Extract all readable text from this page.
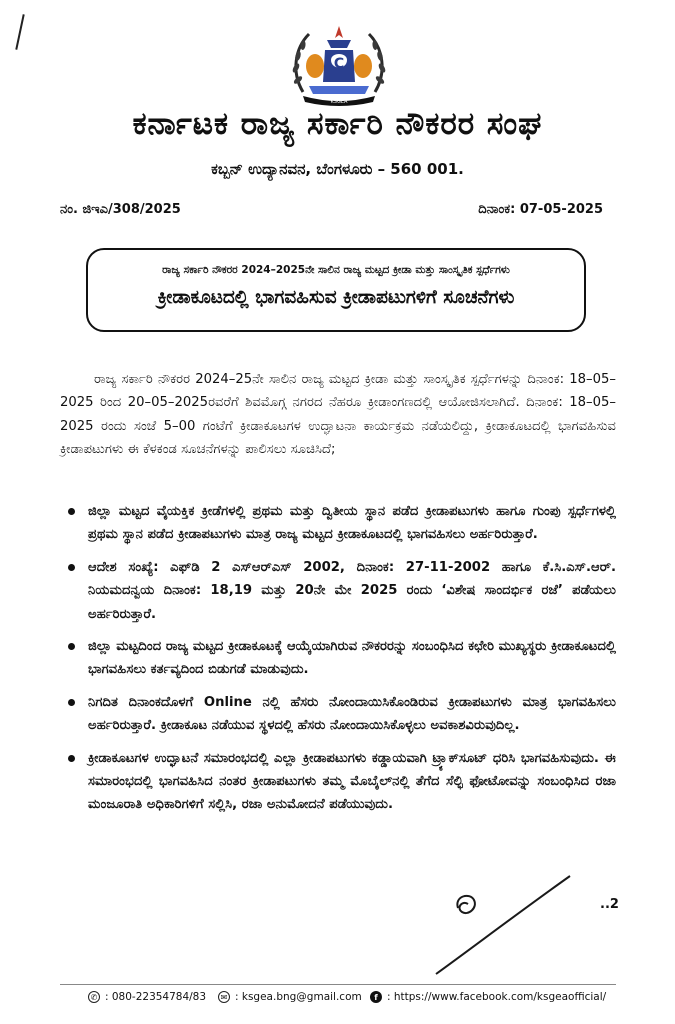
C
KSGEA
ಕರ್ನಾಟಕ ರಾಜ್ಯ ಸರ್ಕಾರಿ ನೌಕರರ ಸಂಘ
ಕಬ್ಬನ್ ಉದ್ಯಾನವನ, ಬೆಂಗಳೂರು – 560 001.
ನಂ. ಜಿಇಎ/308/2025	ದಿನಾಂಕ: 07-05-2025
ರಾಜ್ಯ ಸರ್ಕಾರಿ ನೌಕರರ 2024–2025ನೇ ಸಾಲಿನ ರಾಜ್ಯ ಮಟ್ಟದ ಕ್ರೀಡಾ ಮತ್ತು ಸಾಂಸ್ಕೃತಿಕ ಸ್ಪರ್ಧೆಗಳು
ಕ್ರೀಡಾಕೂಟದಲ್ಲಿ ಭಾಗವಹಿಸುವ ಕ್ರೀಡಾಪಟುಗಳಿಗೆ ಸೂಚನೆಗಳು
ರಾಜ್ಯ ಸರ್ಕಾರಿ ನೌಕರರ 2024–25ನೇ ಸಾಲಿನ ರಾಜ್ಯ ಮಟ್ಟದ ಕ್ರೀಡಾ ಮತ್ತು ಸಾಂಸ್ಕೃತಿಕ ಸ್ಪರ್ಧೆಗಳನ್ನು ದಿನಾಂಕ: 18–05–2025 ರಿಂದ 20–05–2025ರವರೆಗೆ ಶಿವಮೊಗ್ಗ ನಗರದ ನೆಹರೂ ಕ್ರೀಡಾಂಗಣದಲ್ಲಿ ಆಯೋಜಿಸಲಾಗಿದೆ. ದಿನಾಂಕ: 18–05–2025 ರಂದು ಸಂಜೆ 5–00 ಗಂಟೆಗೆ ಕ್ರೀಡಾಕೂಟಗಳ ಉದ್ಘಾಟನಾ ಕಾರ್ಯಕ್ರಮ ನಡೆಯಲಿದ್ದು, ಕ್ರೀಡಾಕೂಟದಲ್ಲಿ ಭಾಗವಹಿಸುವ ಕ್ರೀಡಾಪಟುಗಳು ಈ ಕೆಳಕಂಡ ಸೂಚನೆಗಳನ್ನು ಪಾಲಿಸಲು ಸೂಚಿಸಿದೆ;
ಜಿಲ್ಲಾ ಮಟ್ಟದ ವೈಯಕ್ತಿಕ ಕ್ರೀಡೆಗಳಲ್ಲಿ ಪ್ರಥಮ ಮತ್ತು ದ್ವಿತೀಯ ಸ್ಥಾನ ಪಡೆದ ಕ್ರೀಡಾಪಟುಗಳು ಹಾಗೂ ಗುಂಪು ಸ್ಪರ್ಧೆಗಳಲ್ಲಿ ಪ್ರಥಮ ಸ್ಥಾನ ಪಡೆದ ಕ್ರೀಡಾಪಟುಗಳು ಮಾತ್ರ ರಾಜ್ಯ ಮಟ್ಟದ ಕ್ರೀಡಾಕೂಟದಲ್ಲಿ ಭಾಗವಹಿಸಲು ಅರ್ಹರಿರುತ್ತಾರೆ.
ಆದೇಶ ಸಂಖ್ಯೆ: ಎಫ್‌ಡಿ 2 ಎಸ್‌ಆರ್‌ಎಸ್ 2002, ದಿನಾಂಕ: 27-11-2002 ಹಾಗೂ ಕೆ.ಸಿ.ಎಸ್.ಆರ್. ನಿಯಮದನ್ವಯ ದಿನಾಂಕ: 18,19 ಮತ್ತು 20ನೇ ಮೇ 2025 ರಂದು ‘ವಿಶೇಷ ಸಾಂದರ್ಭಿಕ ರಜೆ’ ಪಡೆಯಲು ಅರ್ಹರಿರುತ್ತಾರೆ.
ಜಿಲ್ಲಾ ಮಟ್ಟದಿಂದ ರಾಜ್ಯ ಮಟ್ಟದ ಕ್ರೀಡಾಕೂಟಕ್ಕೆ ಆಯ್ಕೆಯಾಗಿರುವ ನೌಕರರನ್ನು ಸಂಬಂಧಿಸಿದ ಕಛೇರಿ ಮುಖ್ಯಸ್ಥರು ಕ್ರೀಡಾಕೂಟದಲ್ಲಿ ಭಾಗವಹಿಸಲು ಕರ್ತವ್ಯದಿಂದ ಬಿಡುಗಡೆ ಮಾಡುವುದು.
ನಿಗದಿತ ದಿನಾಂಕದೊಳಗೆ Online ನಲ್ಲಿ ಹೆಸರು ನೋಂದಾಯಿಸಿಕೊಂಡಿರುವ ಕ್ರೀಡಾಪಟುಗಳು ಮಾತ್ರ ಭಾಗವಹಿಸಲು ಅರ್ಹರಿರುತ್ತಾರೆ. ಕ್ರೀಡಾಕೂಟ ನಡೆಯುವ ಸ್ಥಳದಲ್ಲಿ ಹೆಸರು ನೋಂದಾಯಿಸಿಕೊಳ್ಳಲು ಅವಕಾಶವಿರುವುದಿಲ್ಲ.
ಕ್ರೀಡಾಕೂಟಗಳ ಉದ್ಘಾಟನೆ ಸಮಾರಂಭದಲ್ಲಿ ಎಲ್ಲಾ ಕ್ರೀಡಾಪಟುಗಳು ಕಡ್ಡಾಯವಾಗಿ ಟ್ರ್ಯಾಕ್‌ಸೂಟ್ ಧರಿಸಿ ಭಾಗವಹಿಸುವುದು. ಈ ಸಮಾರಂಭದಲ್ಲಿ ಭಾಗವಹಿಸಿದ ನಂತರ ಕ್ರೀಡಾಪಟುಗಳು ತಮ್ಮ ಮೊಬೈಲ್‌ನಲ್ಲಿ ತೆಗೆದ ಸೆಲ್ಫಿ ಫೋಟೋವನ್ನು ಸಂಬಂಧಿಸಿದ ರಜಾ ಮಂಜೂರಾತಿ ಅಧಿಕಾರಿಗಳಿಗೆ ಸಲ್ಲಿಸಿ, ರಜಾ ಅನುಮೋದನೆ ಪಡೆಯುವುದು.
..2
✆ : 080-22354784/83	✉ : ksgea.bng@gmail.com	f : https://www.facebook.com/ksgeaofficial/
